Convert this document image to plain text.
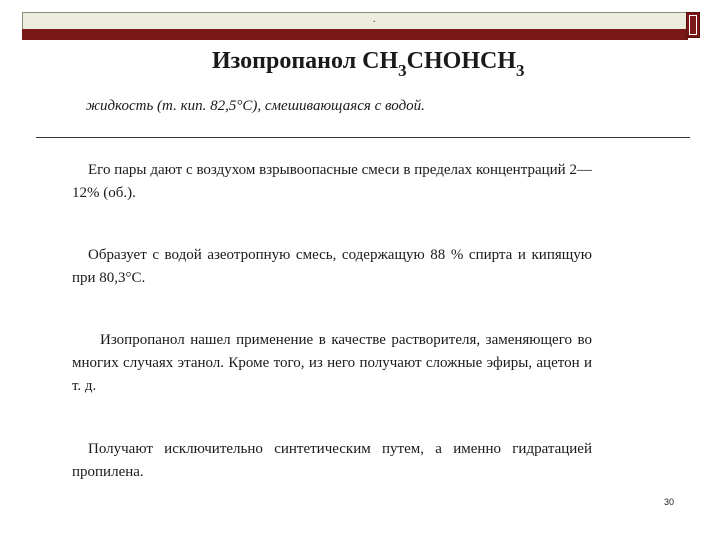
.
Изопропанол $СН_3СНОНСН_3$
жидкость (т. кип. 82,5°С), смешивающаяся с водой.
Его пары дают с воздухом взрывоопасные смеси в пределах концентраций 2—12% (об.).
Образует с водой азеотропную смесь, содержащую 88 % спирта и кипящую при 80,3°С.
Изопропанол нашел применение в качестве растворителя, заменяющего во многих случаях этанол. Кроме того, из него получают сложные эфиры, ацетон и т. д.
Получают исключительно синтетическим путем, а именно гидратацией пропилена.
30
